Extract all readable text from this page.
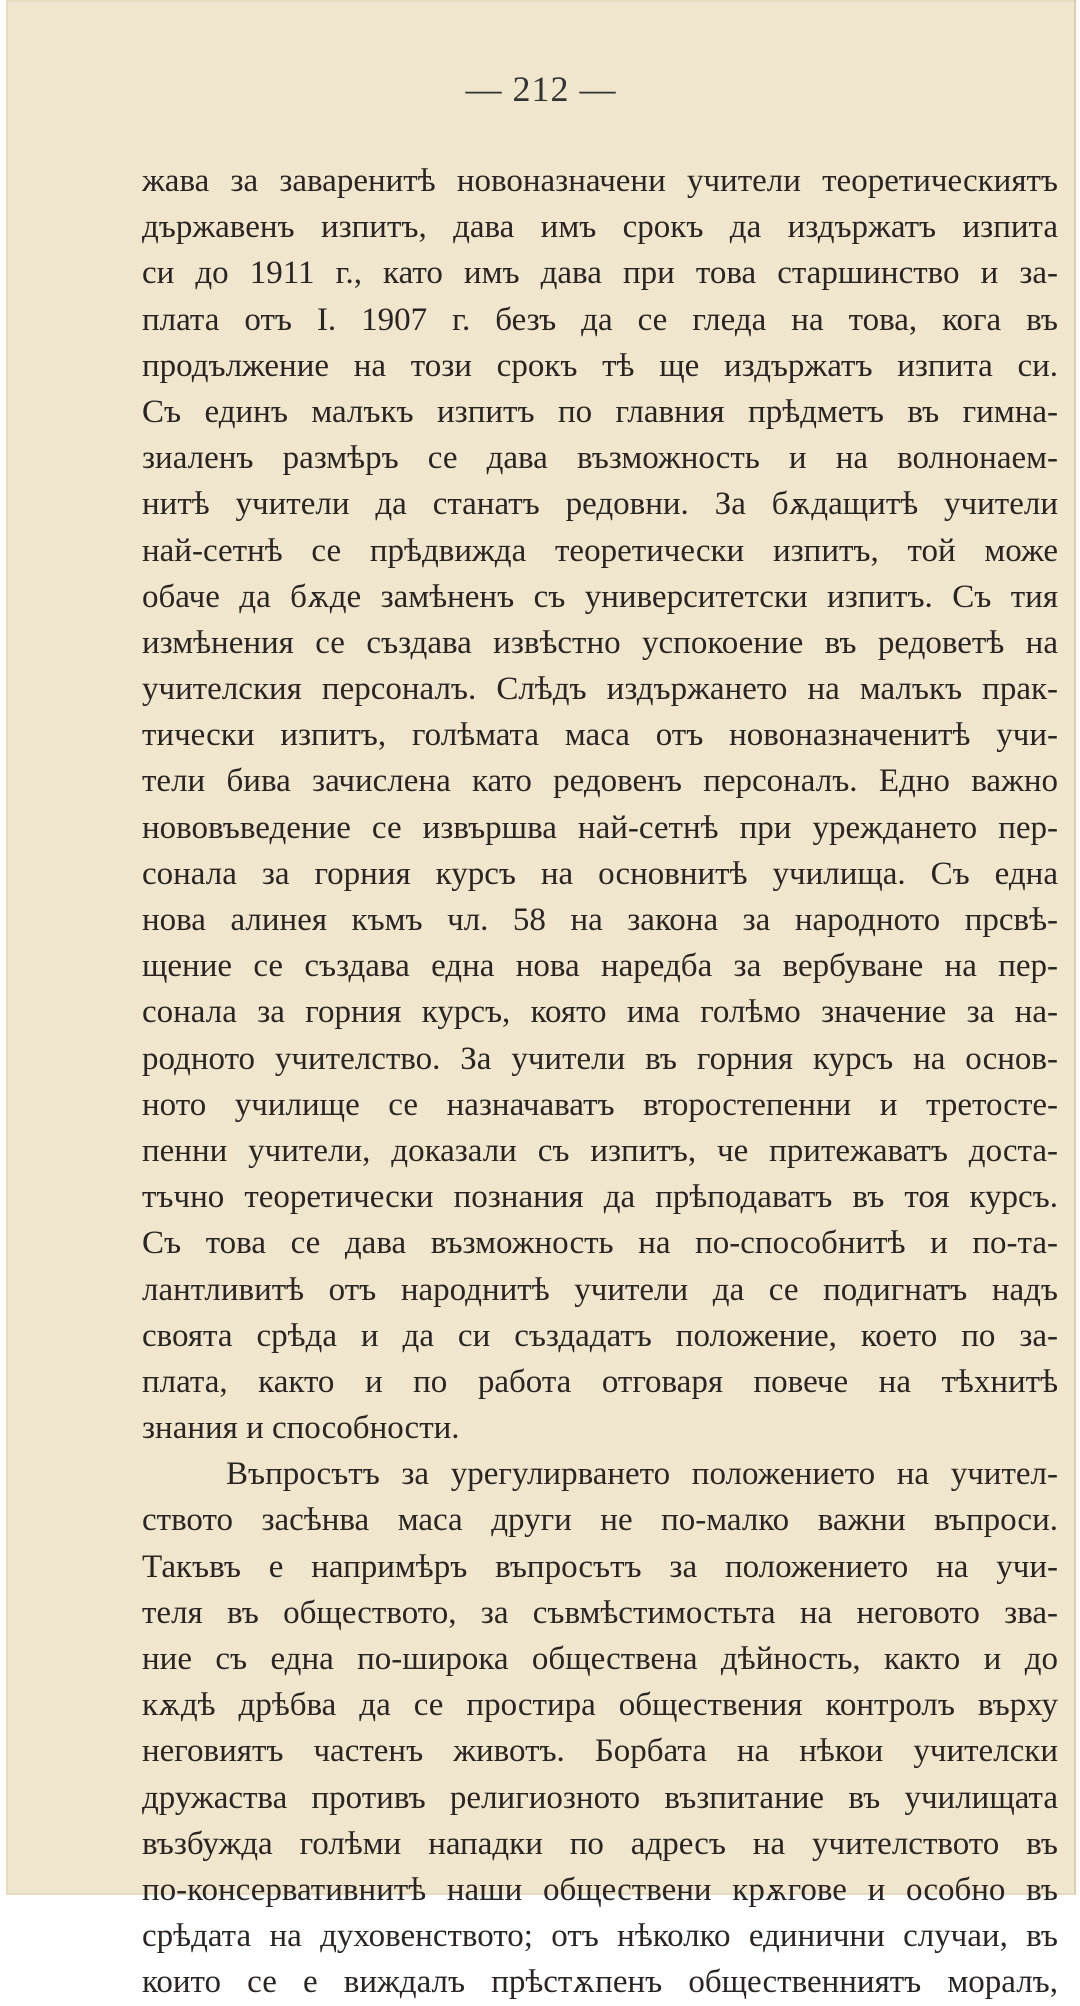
— 212 —
жава за заваренитѣ новоназначени учители теоретическиятъ
държавенъ изпитъ, дава имъ срокъ да издържатъ изпита
си до 1911 г., като имъ дава при това старшинство и за-
плата отъ I. 1907 г. безъ да се гледа на това, кога въ
продължение на този срокъ тѣ ще издържатъ изпита си.
Съ единъ малъкъ изпитъ по главния прѣдметъ въ гимна-
зиаленъ размѣръ се дава възможность и на волнонаем-
нитѣ учители да станатъ редовни. За бѫдащитѣ учители
най-сетнѣ се прѣдвижда теоретически изпитъ, той може
обаче да бѫде замѣненъ съ университетски изпитъ. Съ тия
измѣнения се създава извѣстно успокоение въ редоветѣ на
учителския персоналъ. Слѣдъ издържането на малъкъ прак-
тически изпитъ, голѣмата маса отъ новоназначенитѣ учи-
тели бива зачислена като редовенъ персоналъ. Едно важно
нововъведение се извършва най-сетнѣ при уреждането пер-
сонала за горния курсъ на основнитѣ училища. Съ една
нова алинея къмъ чл. 58 на закона за народното прсвѣ-
щение се създава една нова наредба за вербуване на пер-
сонала за горния курсъ, която има голѣмо значение за на-
родното учителство. За учители въ горния курсъ на основ-
ното училище се назначаватъ второстепенни и третосте-
пенни учители, доказали съ изпитъ, че притежаватъ доста-
тъчно теоретически познания да прѣподаватъ въ тоя курсъ.
Съ това се дава възможность на по-способнитѣ и по-та-
лантливитѣ отъ народнитѣ учители да се подигнатъ надъ
своята срѣда и да си създадатъ положение, което по за-
плата, както и по работа отговаря повече на тѣхнитѣ
знания и способности.
Въпросътъ за урегулирването положението на учител-
ството засѣнва маса други не по-малко важни въпроси.
Такъвъ е напримѣръ въпросътъ за положението на учи-
теля въ обществото, за съвмѣстимостьта на неговото зва-
ние съ една по-широка обществена дѣйность, както и до
кѫдѣ дрѣбва да се простира обществения контролъ върху
неговиятъ частенъ животъ. Борбата на нѣкои учителски
дружаства противъ религиозното възпитание въ училищата
възбужда голѣми нападки по адресъ на учителството въ
по-консервативнитѣ наши обществени крѫгове и особно въ
срѣдата на духовенството; отъ нѣколко единични случаи, въ
които се е виждалъ прѣстѫпенъ общественниятъ моралъ,
